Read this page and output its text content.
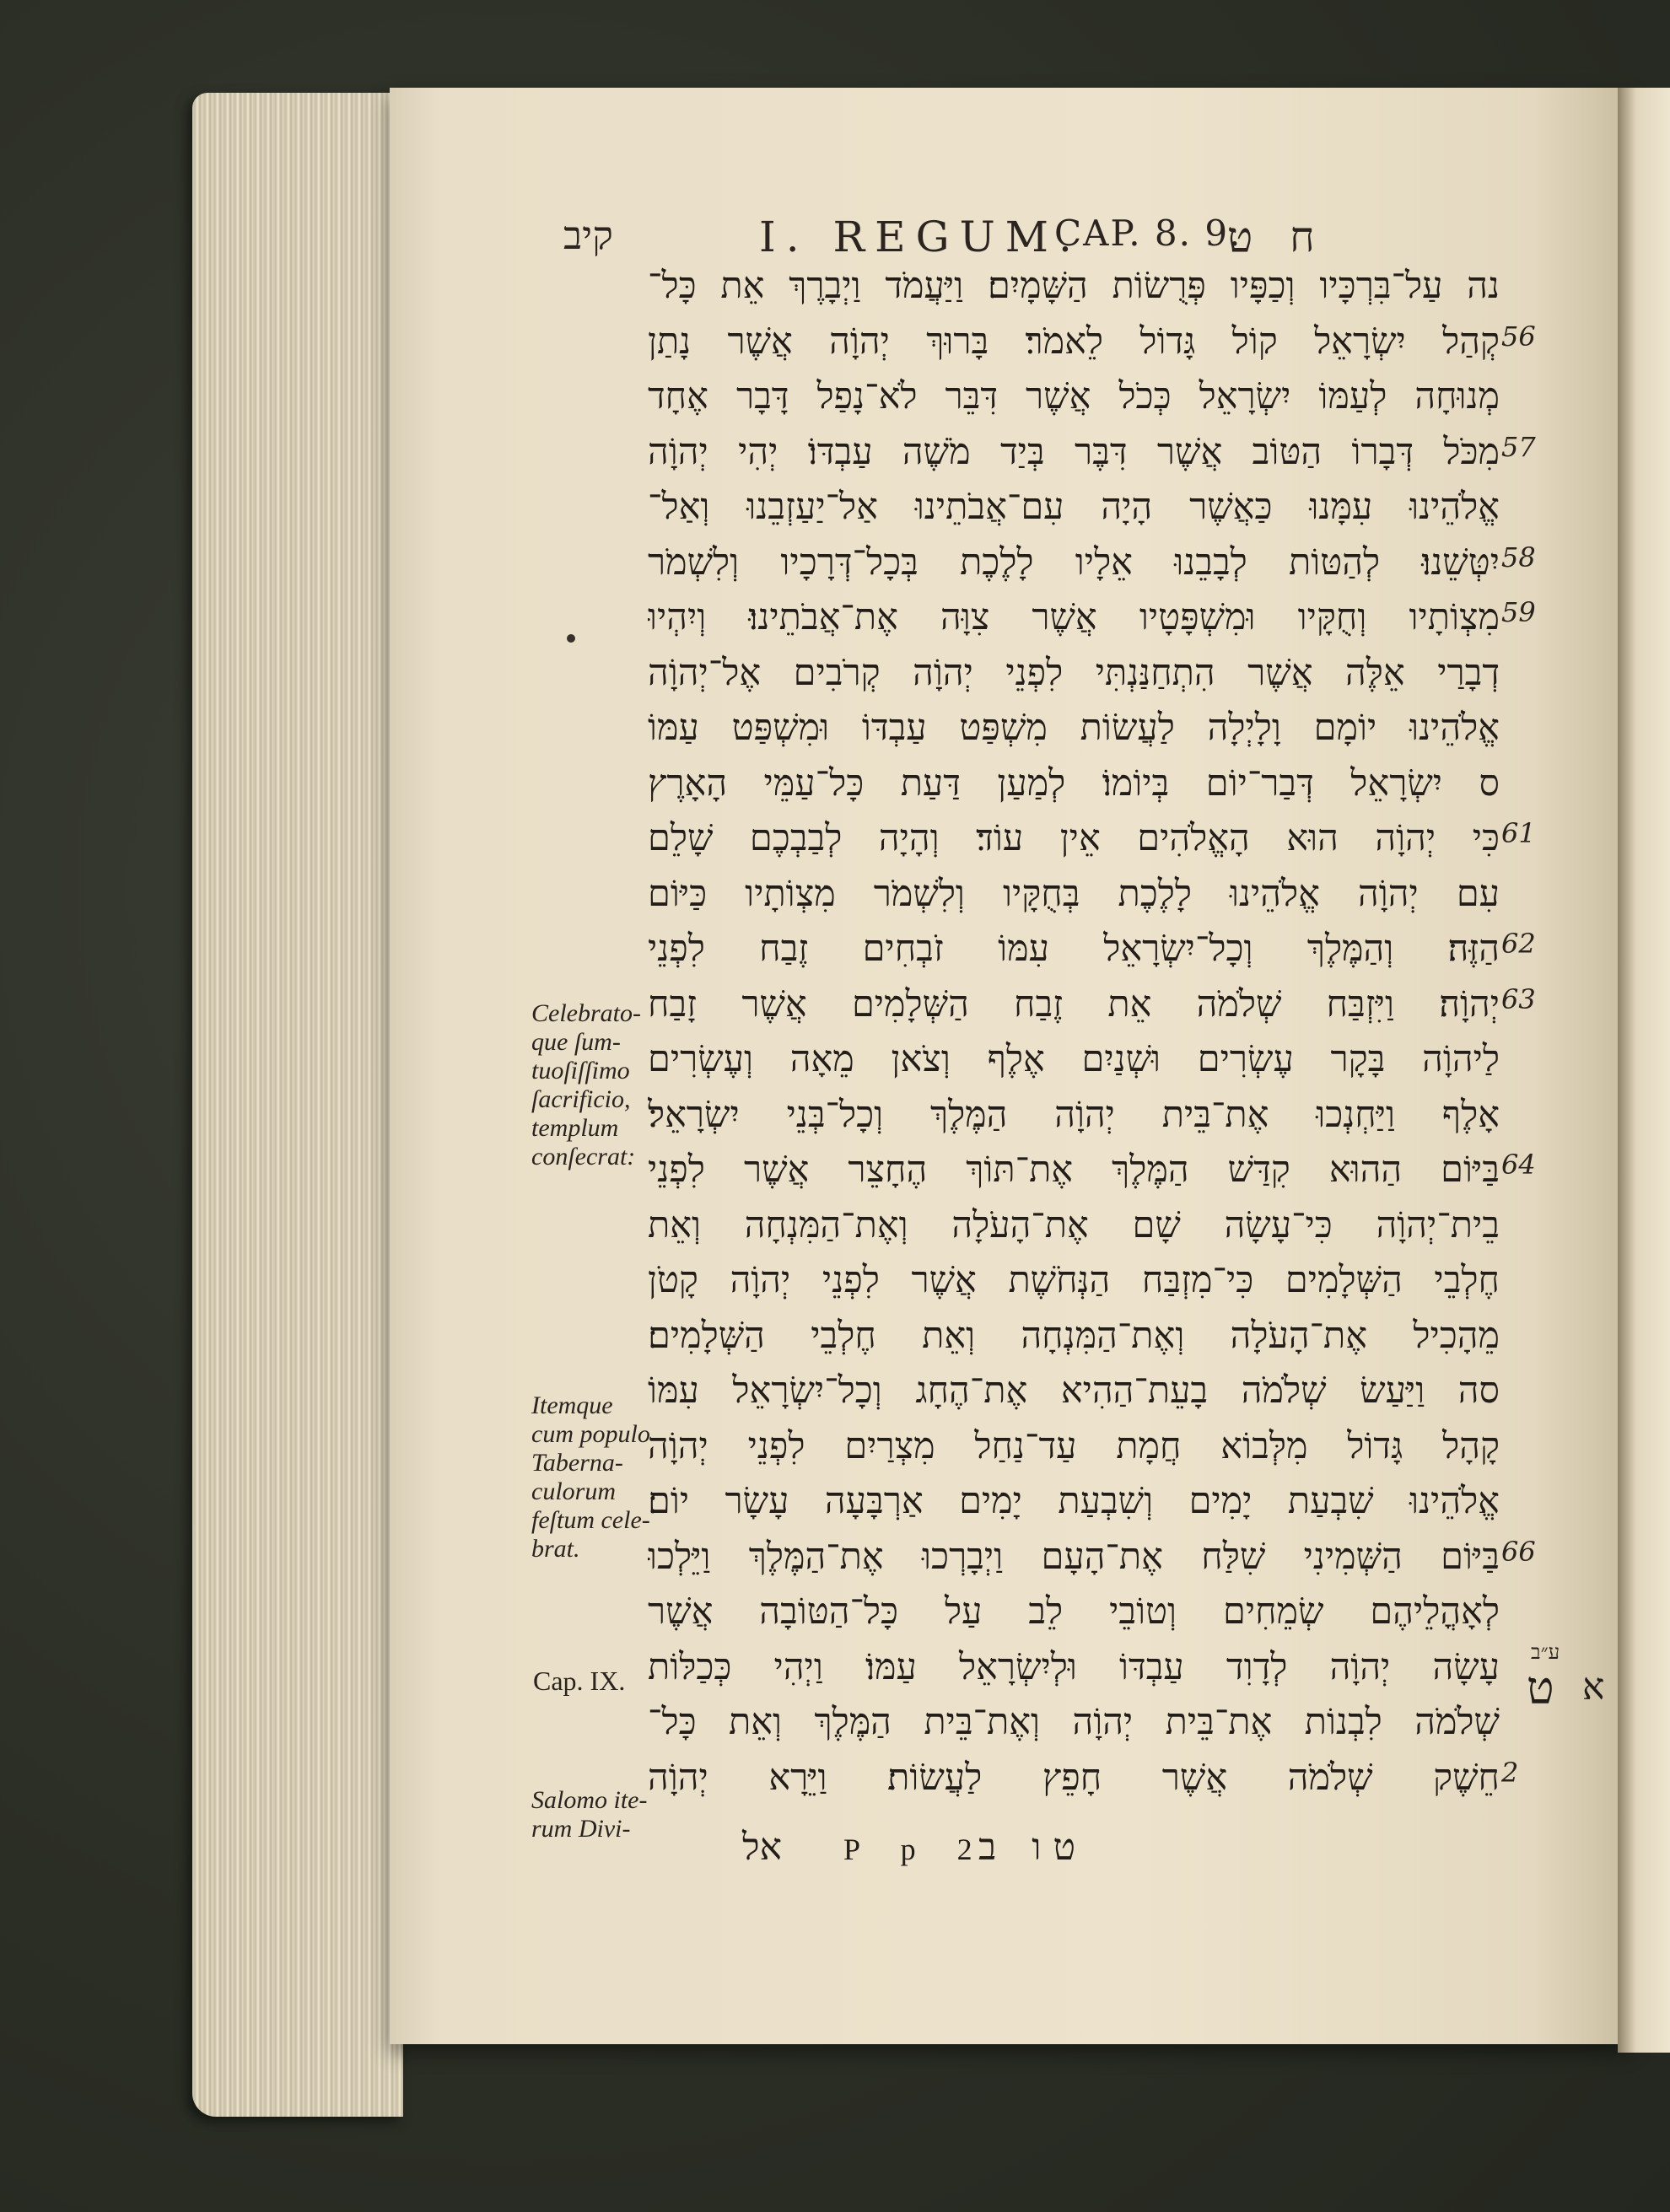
קיב	I. REGUM.
CAP. 8. 9.
ח ט
נה עַל־בִּרְכָּיו וְכַפָּיו פְּרֻשׂוֹת הַשָּׁמָיִם׃ וַיַּעֲמֹד וַיְבָרֶךְ אֵת כָּל־
קְהַל יִשְׂרָאֵל קוֹל גָּדוֹל לֵאמֹר׃ בָּרוּךְ יְהוָֹה אֲשֶׁר נָתַן 56
מְנוּחָה לְעַמּוֹ יִשְׂרָאֵל כְּכֹל אֲשֶׁר דִּבֵּר לֹא־נָפַל דָּבָר אֶחָד
מִכֹּל דְּבָרוֹ הַטּוֹב אֲשֶׁר דִּבֶּר בְּיַד מֹשֶׁה עַבְדּוֹ׃ יְהִי יְהוָֹה 57
אֱלֹהֵינוּ עִמָּנוּ כַּאֲשֶׁר הָיָה עִם־אֲבֹתֵינוּ אַל־יַעַזְבֵנוּ וְאַל־
יִטְּשֵׁנוּ׃ לְהַטּוֹת לְבָבֵנוּ אֵלָיו לָלֶכֶת בְּכָל־דְּרָכָיו וְלִשְׁמֹר 58
מִצְוֹתָיו וְחֻקָּיו וּמִשְׁפָּטָיו אֲשֶׁר צִוָּה אֶת־אֲבֹתֵינוּ׃ וְיִהְיוּ 59
דְבָרַי אֵלֶּה אֲשֶׁר הִתְחַנַּנְתִּי לִפְנֵי יְהוָֹה קְרֹבִים אֶל־יְהוָֹה
אֱלֹהֵינוּ יוֹמָם וָלָיְלָה לַעֲשׂוֹת מִשְׁפַּט עַבְדּוֹ וּמִשְׁפַּט עַמּוֹ
ס יִשְׂרָאֵל דְּבַר־יוֹם בְּיוֹמוֹ׃ לְמַעַן דַּעַת כָּל־עַמֵּי הָאָרֶץ
כִּי יְהוָֹה הוּא הָאֱלֹהִים אֵין עוֹד׃ וְהָיָה לְבַבְכֶם שָׁלֵם 61
עִם יְהוָֹה אֱלֹהֵינוּ לָלֶכֶת בְּחֻקָּיו וְלִשְׁמֹר מִצְוֹתָיו כַּיּוֹם
הַזֶּה׃ וְהַמֶּלֶךְ וְכָל־יִשְׂרָאֵל עִמּוֹ זֹבְחִים זֶבַח לִפְנֵי 62
יְהוָֹה׃ וַיִּזְבַּח שְׁלֹמֹה אֵת זֶבַח הַשְּׁלָמִים אֲשֶׁר זָבַח 63
לַיהוָֹה בָּקָר עֶשְׂרִים וּשְׁנַיִם אֶלֶף וְצֹאן מֵאָה וְעֶשְׂרִים
אָלֶף וַיַּחְנְכוּ אֶת־בֵּית יְהוָֹה הַמֶּלֶךְ וְכָל־בְּנֵי יִשְׂרָאֵל׃
בַּיּוֹם הַהוּא קִדַּשׁ הַמֶּלֶךְ אֶת־תּוֹךְ הֶחָצֵר אֲשֶׁר לִפְנֵי 64
בֵית־יְהוָֹה כִּי־עָשָׂה שָׁם אֶת־הָעֹלָה וְאֶת־הַמִּנְחָה וְאֵת
חֶלְבֵי הַשְּׁלָמִים כִּי־מִזְבַּח הַנְּחֹשֶׁת אֲשֶׁר לִפְנֵי יְהוָֹה קָטֹן
מֵהָכִיל אֶת־הָעֹלָה וְאֶת־הַמִּנְחָה וְאֵת חֶלְבֵי הַשְּׁלָמִים׃
סה וַיַּעַשׂ שְׁלֹמֹה בָעֵת־הַהִיא אֶת־הֶחָג וְכָל־יִשְׂרָאֵל עִמּוֹ
קָהָל גָּדוֹל מִלְּבוֹא חֲמָת עַד־נַחַל מִצְרַיִם לִפְנֵי יְהוָֹה
אֱלֹהֵינוּ שִׁבְעַת יָמִים וְשִׁבְעַת יָמִים אַרְבָּעָה עָשָׂר יוֹם׃
בַּיּוֹם הַשְּׁמִינִי שִׁלַּח אֶת־הָעָם וַיְבָרְכוּ אֶת־הַמֶּלֶךְ וַיֵּלְכוּ 66
לְאָהֳלֵיהֶם שְׂמֵחִים וְטוֹבֵי לֵב עַל כָּל־הַטּוֹבָה אֲשֶׁר
עָשָׂה יְהוָֹה לְדָוִד עַבְדּוֹ וּלְיִשְׂרָאֵל עַמּוֹ׃ וַיְהִי כְּכַלּוֹת
שְׁלֹמֹה לִבְנוֹת אֶת־בֵּית יְהוָֹה וְאֶת־בֵּית הַמֶּלֶךְ וְאֵת כָּל־
חֵשֶׁק שְׁלֹמֹה אֲשֶׁר חָפֵץ לַעֲשׂוֹת׃ וַיֵּרָא יְהוָֹה 2
Celebrato-
que ſum-
tuoſiſſimo
ſacrificio,
templum
conſecrat:
Itemque
cum populo
Taberna-
culorum
feſtum cele-
brat.
Salomo ite-
rum Divi-
Cap. IX.	ט א
ע״ב
אל P p 2
טו ב
